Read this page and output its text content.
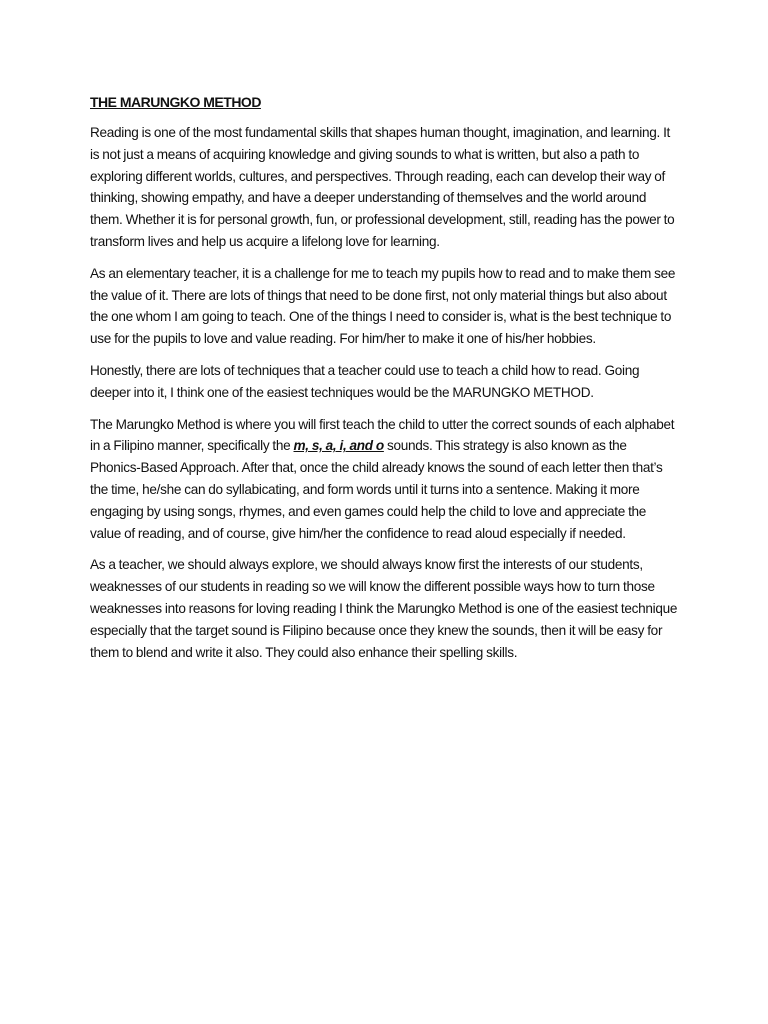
THE MARUNGKO METHOD

Reading is one of the most fundamental skills that shapes human thought, imagination, and learning. It is not just a means of acquiring knowledge and giving sounds to what is written, but also a path to exploring different worlds, cultures, and perspectives. Through reading, each can develop their way of thinking, showing empathy, and have a deeper understanding of themselves and the world around them. Whether it is for personal growth, fun, or professional development, still, reading has the power to transform lives and help us acquire a lifelong love for learning.

As an elementary teacher, it is a challenge for me to teach my pupils how to read and to make them see the value of it. There are lots of things that need to be done first, not only material things but also about the one whom I am going to teach. One of the things I need to consider is, what is the best technique to use for the pupils to love and value reading. For him/her to make it one of his/her hobbies.

Honestly, there are lots of techniques that a teacher could use to teach a child how to read. Going deeper into it, I think one of the easiest techniques would be the MARUNGKO METHOD.

The Marungko Method is where you will first teach the child to utter the correct sounds of each alphabet in a Filipino manner, specifically the m, s, a, i, and o sounds. This strategy is also known as the Phonics-Based Approach. After that, once the child already knows the sound of each letter then that’s the time, he/she can do syllabicating, and form words until it turns into a sentence. Making it more engaging by using songs, rhymes, and even games could help the child to love and appreciate the value of reading, and of course, give him/her the confidence to read aloud especially if needed.

As a teacher, we should always explore, we should always know first the interests of our students, weaknesses of our students in reading so we will know the different possible ways how to turn those weaknesses into reasons for loving reading I think the Marungko Method is one of the easiest technique especially that the target sound is Filipino because once they knew the sounds, then it will be easy for them to blend and write it also. They could also enhance their spelling skills.
